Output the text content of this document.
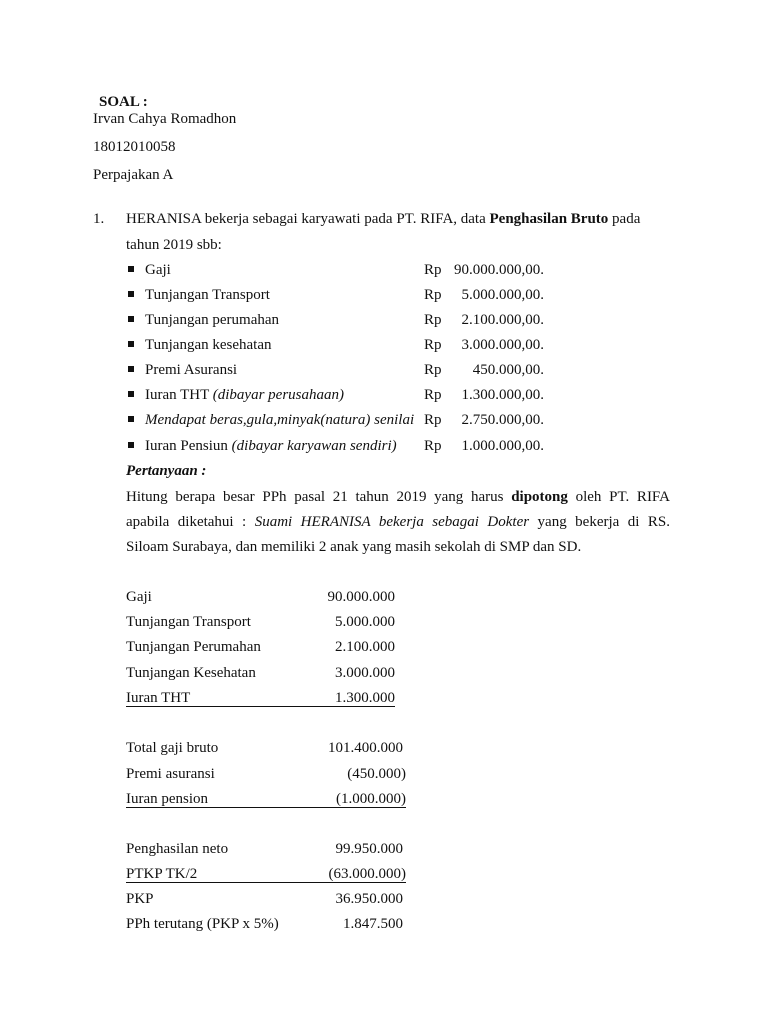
SOAL :
Irvan Cahya Romadhon
18012010058
Perpajakan A
1. HERANISA bekerja sebagai karyawati pada PT. RIFA, data Penghasilan Bruto pada
tahun 2019 sbb:
Gaji	Rp 90.000.000,00.
Tunjangan Transport	Rp	5.000.000,00.
Tunjangan perumahan	Rp	2.100.000,00.
Tunjangan kesehatan	Rp	3.000.000,00.
Premi Asuransi	Rp	450.000,00.
Iuran THT (dibayar perusahaan)	Rp	1.300.000,00.
Mendapat beras,gula,minyak(natura) senilai Rp	2.750.000,00.
Iuran Pensiun (dibayar karyawan sendiri) Rp	1.000.000,00.
Pertanyaan :
Hitung berapa besar PPh pasal 21 tahun 2019 yang harus dipotong oleh PT. RIFA
apabila diketahui : Suami HERANISA bekerja sebagai Dokter yang bekerja di RS.
Siloam Surabaya, dan memiliki 2 anak yang masih sekolah di SMP dan SD.
Gaji	90.000.000
Tunjangan Transport	5.000.000
Tunjangan Perumahan	2.100.000
Tunjangan Kesehatan	3.000.000
Iuran THT	1.300.000
Total gaji bruto	101.400.000
Premi asuransi	(450.000)
Iuran pension	(1.000.000)
Penghasilan neto	99.950.000
PTKP TK/2	(63.000.000)
PKP	36.950.000
PPh terutang (PKP x 5%)	1.847.500
